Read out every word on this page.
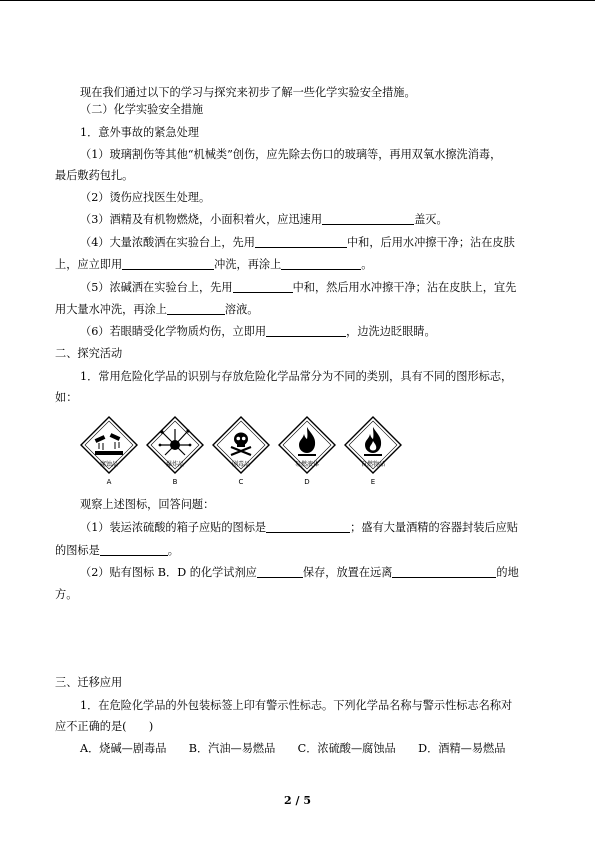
现在我们通过以下的学习与探究来初步了解一些化学实验安全措施。
（二）化学实验安全措施
1．意外事故的紧急处理
（1）玻璃割伤等其他“机械类”创伤，应先除去伤口的玻璃等，再用双氧水擦洗消毒，
最后敷药包扎。
（2）烫伤应找医生处理。
（3）酒精及有机物燃烧，小面积着火，应迅速用	盖灭。
（4）大量浓酸洒在实验台上，先用	中和，后用水冲擦干净；沾在皮肤
上，应立即用	冲洗，再涂上	。
（5）浓碱洒在实验台上，先用	中和，然后用水冲擦干净；沾在皮肤上，宜先
用大量水冲洗，再涂上	溶液。
（6）若眼睛受化学物质灼伤，立即用	，边洗边眨眼睛。
二、探究活动
1．常用危险化学品的识别与存放危险化学品常分为不同的类别，具有不同的图形标志，
如：
腐蚀品
A
爆炸品
B
剧毒品
C
易燃液体
D
自燃物品
E
观察上述图标，回答问题：
（1）装运浓硫酸的箱子应贴的图标是	；盛有大量酒精的容器封装后应贴
的图标是	。
（2）贴有图标 B．D 的化学试剂应	保存，放置在远离	的地
方。
三、迁移应用
1．在危险化学品的外包装标签上印有警示性标志。下列化学品名称与警示性标志名称对
应不正确的是(　　)
A．烧碱—剧毒品　　B．汽油—易燃品　　C．浓硫酸—腐蚀品　　D．酒精—易燃品
2 / 5
